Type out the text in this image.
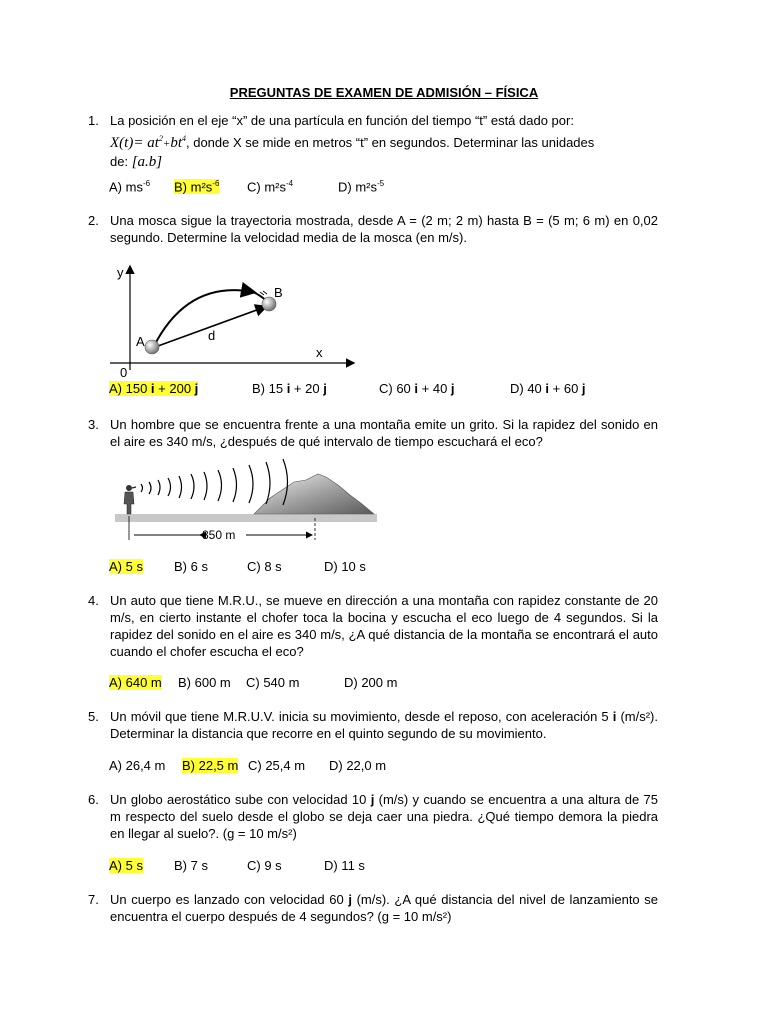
PREGUNTAS DE EXAMEN DE ADMISIÓN – FÍSICA
1. La posición en el eje “x” de una partícula en función del tiempo “t” está dado por:
$X(t)= at^2+bt^4$, donde X se mide en metros “t” en segundos. Determinar las unidades
de: [a.b]
A) $ms^{-6}$ B) $m^2s^{-6}$ C) $m^2s^{-4}$	D) $m^2s^{-5}$
2. Una mosca sigue la trayectoria mostrada, desde A = (2 m; 2 m) hasta B = (5 m; 6 m) en 0,02 segundo. Determine la velocidad media de la mosca (en m/s).
y
x
0
d
A
B
A) 150 i + 200 j	B) 15 i + 20 j	C) 60 i + 40 j	D) 40 i + 60 j
3. Un hombre que se encuentra frente a una montaña emite un grito. Si la rapidez del sonido en el aire es 340 m/s, ¿después de qué intervalo de tiempo escuchará el eco?
850 m
A) 5 s B) 6 s	C) 8 s	D) 10 s
4. Un auto que tiene M.R.U., se mueve en dirección a una montaña con rapidez constante de 20 m/s, en cierto instante el chofer toca la bocina y escucha el eco luego de 4 segundos. Si la rapidez del sonido en el aire es 340 m/s, ¿A qué distancia de la montaña se encontrará el auto cuando el chofer escucha el eco?
A) 640 m B) 600 m C) 540 m	D) 200 m
5. Un móvil que tiene M.R.U.V. inicia su movimiento, desde el reposo, con aceleración 5 i (m/s²). Determinar la distancia que recorre en el quinto segundo de su movimiento.
A) 26,4 m B) 22,5 m C) 25,4 m D) 22,0 m
6. Un globo aerostático sube con velocidad 10 j (m/s) y cuando se encuentra a una altura de 75 m respecto del suelo desde el globo se deja caer una piedra. ¿Qué tiempo demora la piedra en llegar al suelo?. (g = 10 m/s²)
A) 5 s B) 7 s	C) 9 s	D) 11 s
7. Un cuerpo es lanzado con velocidad 60 j (m/s). ¿A qué distancia del nivel de lanzamiento se encuentra el cuerpo después de 4 segundos? (g = 10 m/s²)
